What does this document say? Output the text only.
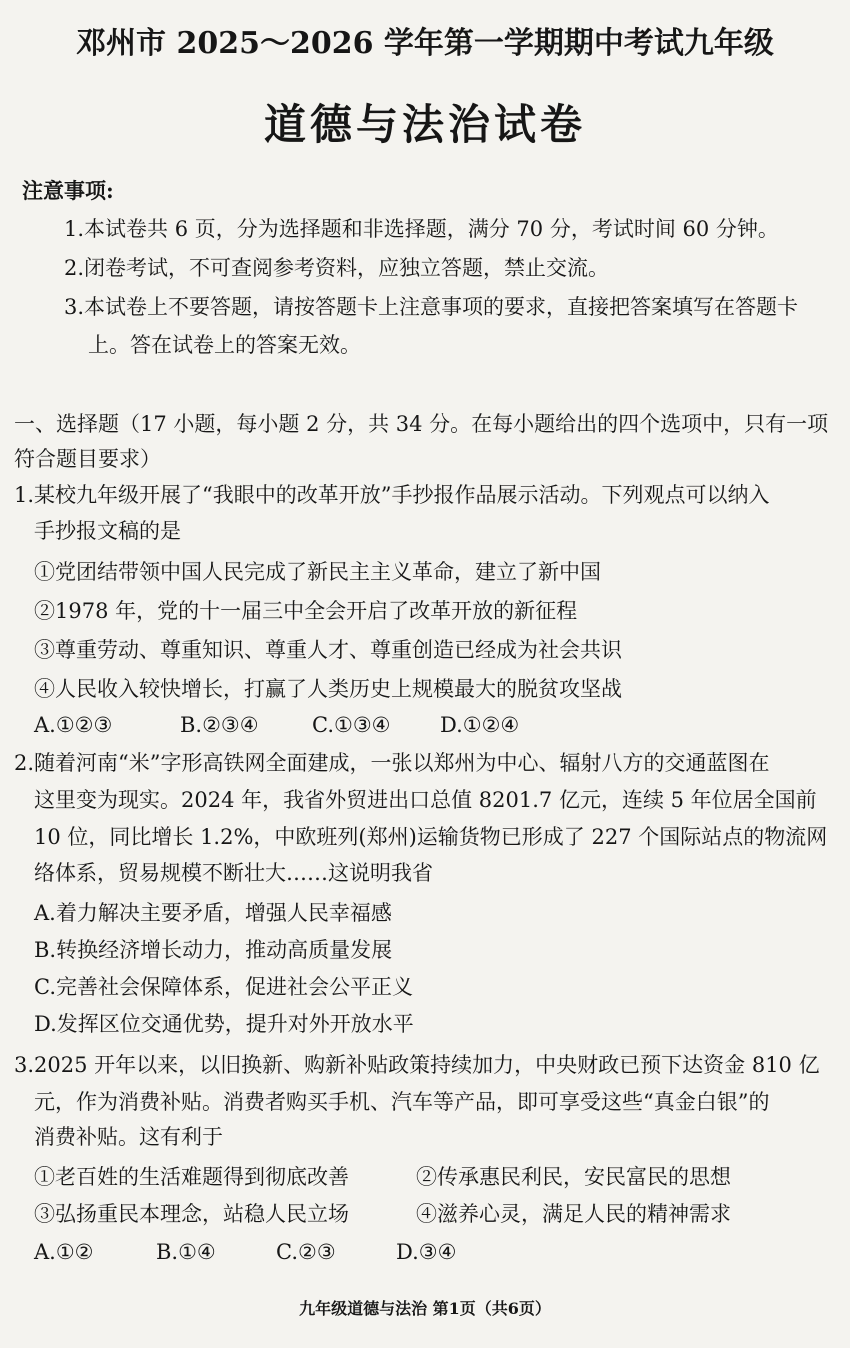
邓州市 2025～2026 学年第一学期期中考试九年级
道德与法治试卷
注意事项:
1.本试卷共 6 页，分为选择题和非选择题，满分 70 分，考试时间 60 分钟。
2.闭卷考试，不可查阅参考资料，应独立答题，禁止交流。
3.本试卷上不要答题，请按答题卡上注意事项的要求，直接把答案填写在答题卡
上。答在试卷上的答案无效。
一、选择题（17 小题，每小题 2 分，共 34 分。在每小题给出的四个选项中，只有一项
符合题目要求）
1.某校九年级开展了“我眼中的改革开放”手抄报作品展示活动。下列观点可以纳入
手抄报文稿的是
①党团结带领中国人民完成了新民主主义革命，建立了新中国
②1978 年，党的十一届三中全会开启了改革开放的新征程
③尊重劳动、尊重知识、尊重人才、尊重创造已经成为社会共识
④人民收入较快增长，打赢了人类历史上规模最大的脱贫攻坚战
A.①②③	B.②③④	C.①③④ D.①②④
2.随着河南“米”字形高铁网全面建成，一张以郑州为中心、辐射八方的交通蓝图在
这里变为现实。2024 年，我省外贸进出口总值 8201.7 亿元，连续 5 年位居全国前
10 位，同比增长 1.2%，中欧班列(郑州)运输货物已形成了 227 个国际站点的物流网
络体系，贸易规模不断壮大……这说明我省
A.着力解决主要矛盾，增强人民幸福感
B.转换经济增长动力，推动高质量发展
C.完善社会保障体系，促进社会公平正义
D.发挥区位交通优势，提升对外开放水平
3.2025 开年以来，以旧换新、购新补贴政策持续加力，中央财政已预下达资金 810 亿
元，作为消费补贴。消费者购买手机、汽车等产品，即可享受这些“真金白银”的
消费补贴。这有利于
①老百姓的生活难题得到彻底改善	②传承惠民利民，安民富民的思想
③弘扬重民本理念，站稳人民立场	④滋养心灵，满足人民的精神需求
A.①②	B.①④	C.②③	D.③④
九年级道德与法治 第1页（共6页）
